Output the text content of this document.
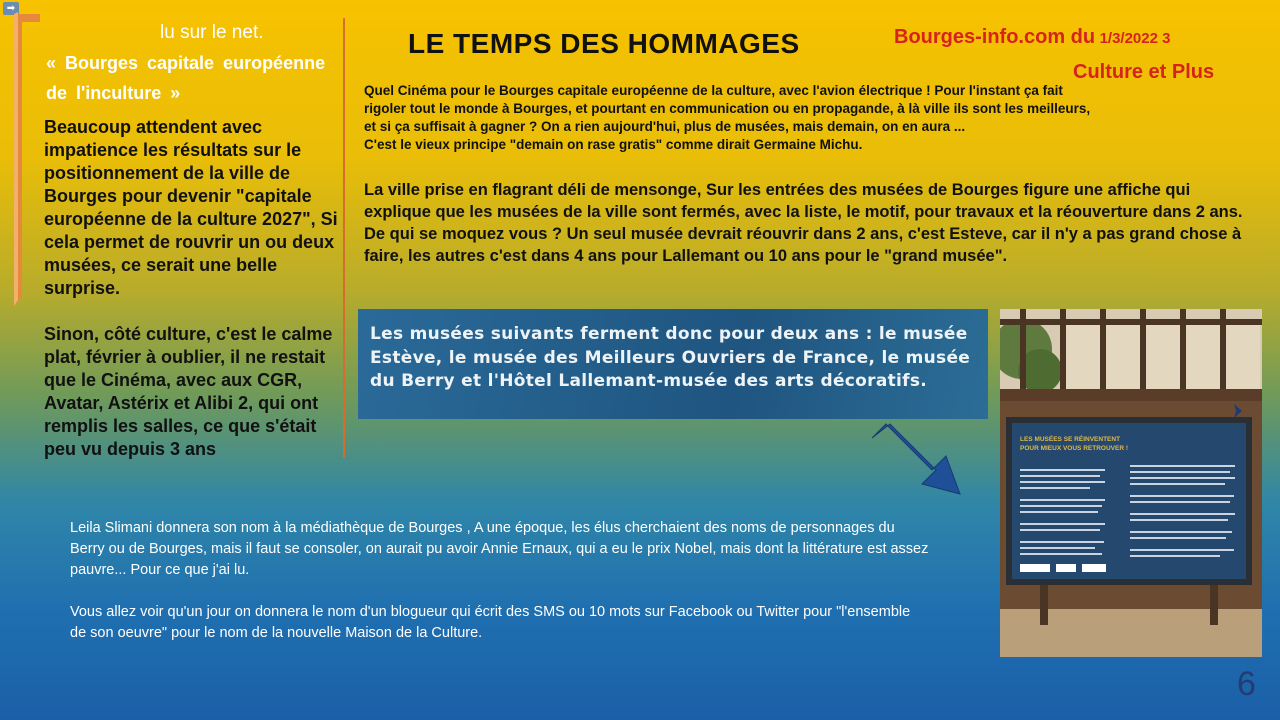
➡
lu sur le net.
« Bourges capitale européenne de l'inculture »

Beaucoup attendent avec impatience les résultats sur le positionnement de la ville de Bourges pour devenir "capitale européenne de la culture 2027", Si cela permet de rouvrir un ou deux musées, ce serait une belle surprise.

Sinon, côté culture, c'est le calme plat, février à oublier, il ne restait que le Cinéma, avec aux CGR, Avatar, Astérix et Alibi 2, qui ont remplis les salles, ce que s'était peu vu depuis 3 ans

LE TEMPS DES HOMMAGES	Bourges-info.com du 1/3/2022 3
Culture et Plus
Quel Cinéma pour le Bourges capitale européenne de la culture, avec l'avion électrique ! Pour l'instant ça fait
rigoler tout le monde à Bourges, et pourtant en communication ou en propagande, à là ville ils sont les meilleurs,
et si ça suffisait à gagner ? On a rien aujourd'hui, plus de musées, mais demain, on en aura ...
C'est le vieux principe "demain on rase gratis" comme dirait Germaine Michu.
La ville prise en flagrant déli de mensonge, Sur les entrées des musées de Bourges figure une affiche qui explique que les musées de la ville sont fermés, avec la liste, le motif, pour travaux et la réouverture dans 2 ans. De qui se moquez vous ? Un seul musée devrait réouvrir dans 2 ans, c'est Esteve, car il n'y a pas grand chose à faire, les autres c'est dans 4 ans pour Lallemant ou 10 ans pour le "grand musée".
Les musées suivants ferment donc pour deux ans : le musée Estève, le musée des Meilleurs Ouvriers de France, le musée du Berry et l'Hôtel Lallemant-musée des arts décoratifs.
LES MUSÉES SE RÉINVENTENT
POUR MIEUX VOUS RETROUVER !

Leila Slimani donnera son nom à la médiathèque de Bourges , A une époque, les élus cherchaient des noms de personnages du Berry ou de Bourges, mais il faut se consoler, on aurait pu avoir Annie Ernaux, qui a eu le prix Nobel, mais dont la littérature est assez pauvre... Pour ce que j'ai lu.

Vous allez voir qu'un jour on donnera le nom d'un blogueur qui écrit des SMS ou 10 mots sur Facebook ou Twitter pour "l'ensemble de son oeuvre" pour le nom de la nouvelle Maison de la Culture.

6
